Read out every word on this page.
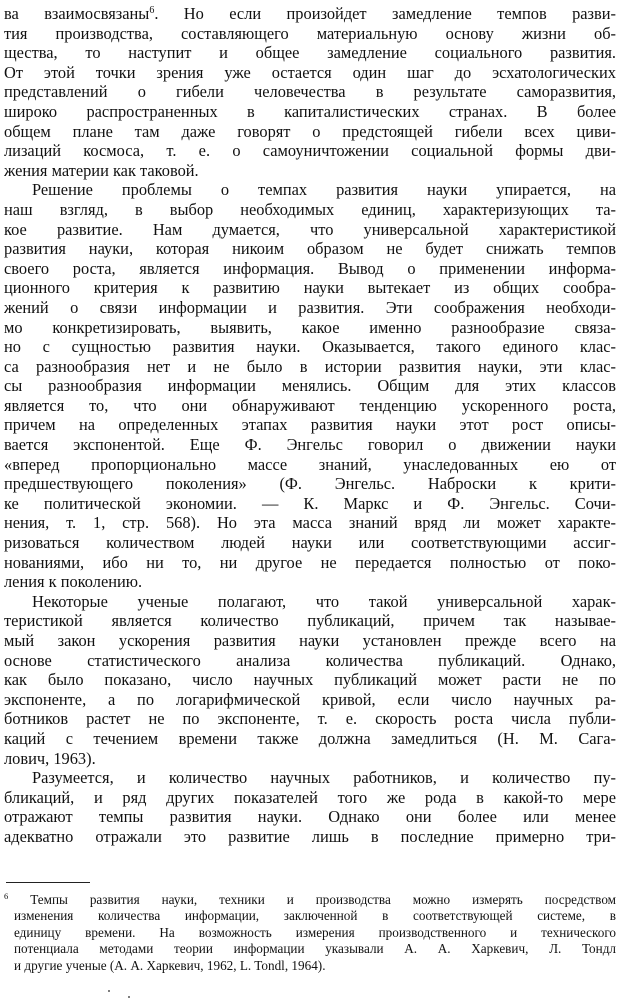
ва взаимосвязаны$^6$. Но если произойдет замедление темпов разви-
тия производства, составляющего материальную основу жизни об-
щества, то наступит и общее замедление социального развития.
От этой точки зрения уже остается один шаг до эсхатологических
представлений о гибели человечества в результате саморазвития,
широко распространенных в капиталистических странах. В более
общем плане там даже говорят о предстоящей гибели всех циви-
лизаций космоса, т. е. о самоуничтожении социальной формы дви-
жения материи как таковой.
Решение проблемы о темпах развития науки упирается, на
наш взгляд, в выбор необходимых единиц, характеризующих та-
кое развитие. Нам думается, что универсальной характеристикой
развития науки, которая никоим образом не будет снижать темпов
своего роста, является информация. Вывод о применении информа-
ционного критерия к развитию науки вытекает из общих сообра-
жений о связи информации и развития. Эти соображения необходи-
мо конкретизировать, выявить, какое именно разнообразие связа-
но с сущностью развития науки. Оказывается, такого единого клас-
са разнообразия нет и не было в истории развития науки, эти клас-
сы разнообразия информации менялись. Общим для этих классов
является то, что они обнаруживают тенденцию ускоренного роста,
причем на определенных этапах развития науки этот рост описы-
вается экспонентой. Еще Ф. Энгельс говорил о движении науки
«вперед пропорционально массе знаний, унаследованных ею от
предшествующего поколения» (Ф. Энгельс. Наброски к крити-
ке политической экономии. — К. Маркс и Ф. Энгельс. Сочи-
нения, т. 1, стр. 568). Но эта масса знаний вряд ли может характе-
ризоваться количеством людей науки или соответствующими ассиг-
нованиями, ибо ни то, ни другое не передается полностью от поко-
ления к поколению.
Некоторые ученые полагают, что такой универсальной харак-
теристикой является количество публикаций, причем так называе-
мый закон ускорения развития науки установлен прежде всего на
основе статистического анализа количества публикаций. Однако,
как было показано, число научных публикаций может расти не по
экспоненте, а по логарифмической кривой, если число научных ра-
ботников растет не по экспоненте, т. е. скорость роста числа публи-
каций с течением времени также должна замедлиться (Н. М. Сага-
лович, 1963).
Разумеется, и количество научных работников, и количество пу-
бликаций, и ряд других показателей того же рода в какой-то мере
отражают темпы развития науки. Однако они более или менее
адекватно отражали это развитие лишь в последние примерно три-
$^6$ Темпы развития науки, техники и производства можно измерять посредством
изменения количества информации, заключенной в соответствующей системе, в
единицу времени. На возможность измерения производственного и технического
потенциала методами теории информации указывали А. А. Харкевич, Л. Тондл
и другие ученые (А. А. Харкевич, 1962, L. Tondl, 1964).
